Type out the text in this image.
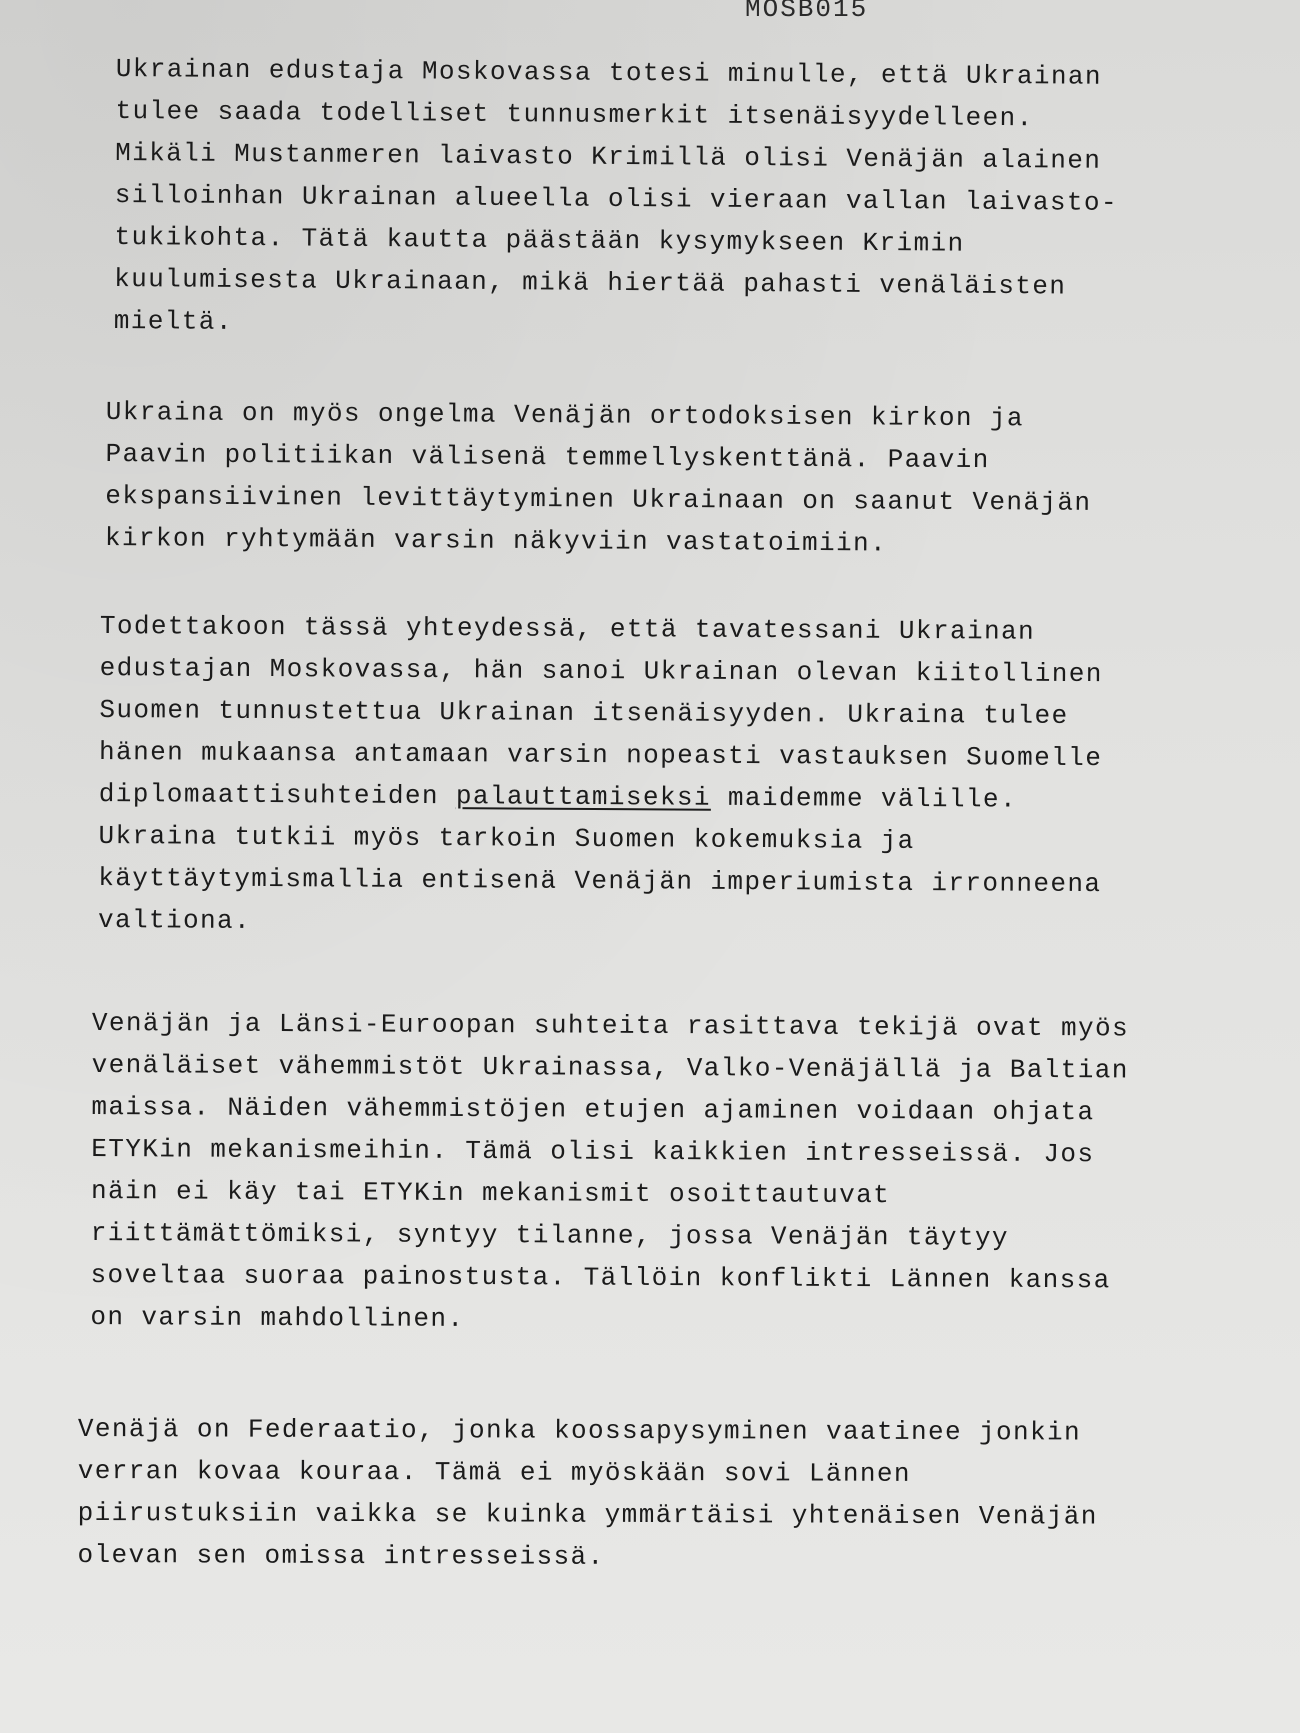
MOSB015

Ukrainan edustaja Moskovassa totesi minulle, että Ukrainan
tulee saada todelliset tunnusmerkit itsenäisyydelleen.
Mikäli Mustanmeren laivasto Krimillä olisi Venäjän alainen
silloinhan Ukrainan alueella olisi vieraan vallan laivasto-
tukikohta. Tätä kautta päästään kysymykseen Krimin
kuulumisesta Ukrainaan, mikä hiertää pahasti venäläisten
mieltä.

Ukraina on myös ongelma Venäjän ortodoksisen kirkon ja
Paavin politiikan välisenä temmellyskenttänä. Paavin
ekspansiivinen levittäytyminen Ukrainaan on saanut Venäjän
kirkon ryhtymään varsin näkyviin vastatoimiin.

Todettakoon tässä yhteydessä, että tavatessani Ukrainan
edustajan Moskovassa, hän sanoi Ukrainan olevan kiitollinen
Suomen tunnustettua Ukrainan itsenäisyyden. Ukraina tulee
hänen mukaansa antamaan varsin nopeasti vastauksen Suomelle
diplomaattisuhteiden palauttamiseksi maidemme välille.
Ukraina tutkii myös tarkoin Suomen kokemuksia ja
käyttäytymismallia entisenä Venäjän imperiumista irronneena
valtiona.

Venäjän ja Länsi-Euroopan suhteita rasittava tekijä ovat myös
venäläiset vähemmistöt Ukrainassa, Valko-Venäjällä ja Baltian
maissa. Näiden vähemmistöjen etujen ajaminen voidaan ohjata
ETYKin mekanismeihin. Tämä olisi kaikkien intresseissä. Jos
näin ei käy tai ETYKin mekanismit osoittautuvat
riittämättömiksi, syntyy tilanne, jossa Venäjän täytyy
soveltaa suoraa painostusta. Tällöin konflikti Lännen kanssa
on varsin mahdollinen.

Venäjä on Federaatio, jonka koossapysyminen vaatinee jonkin
verran kovaa kouraa. Tämä ei myöskään sovi Lännen
piirustuksiin vaikka se kuinka ymmärtäisi yhtenäisen Venäjän
olevan sen omissa intresseissä.
